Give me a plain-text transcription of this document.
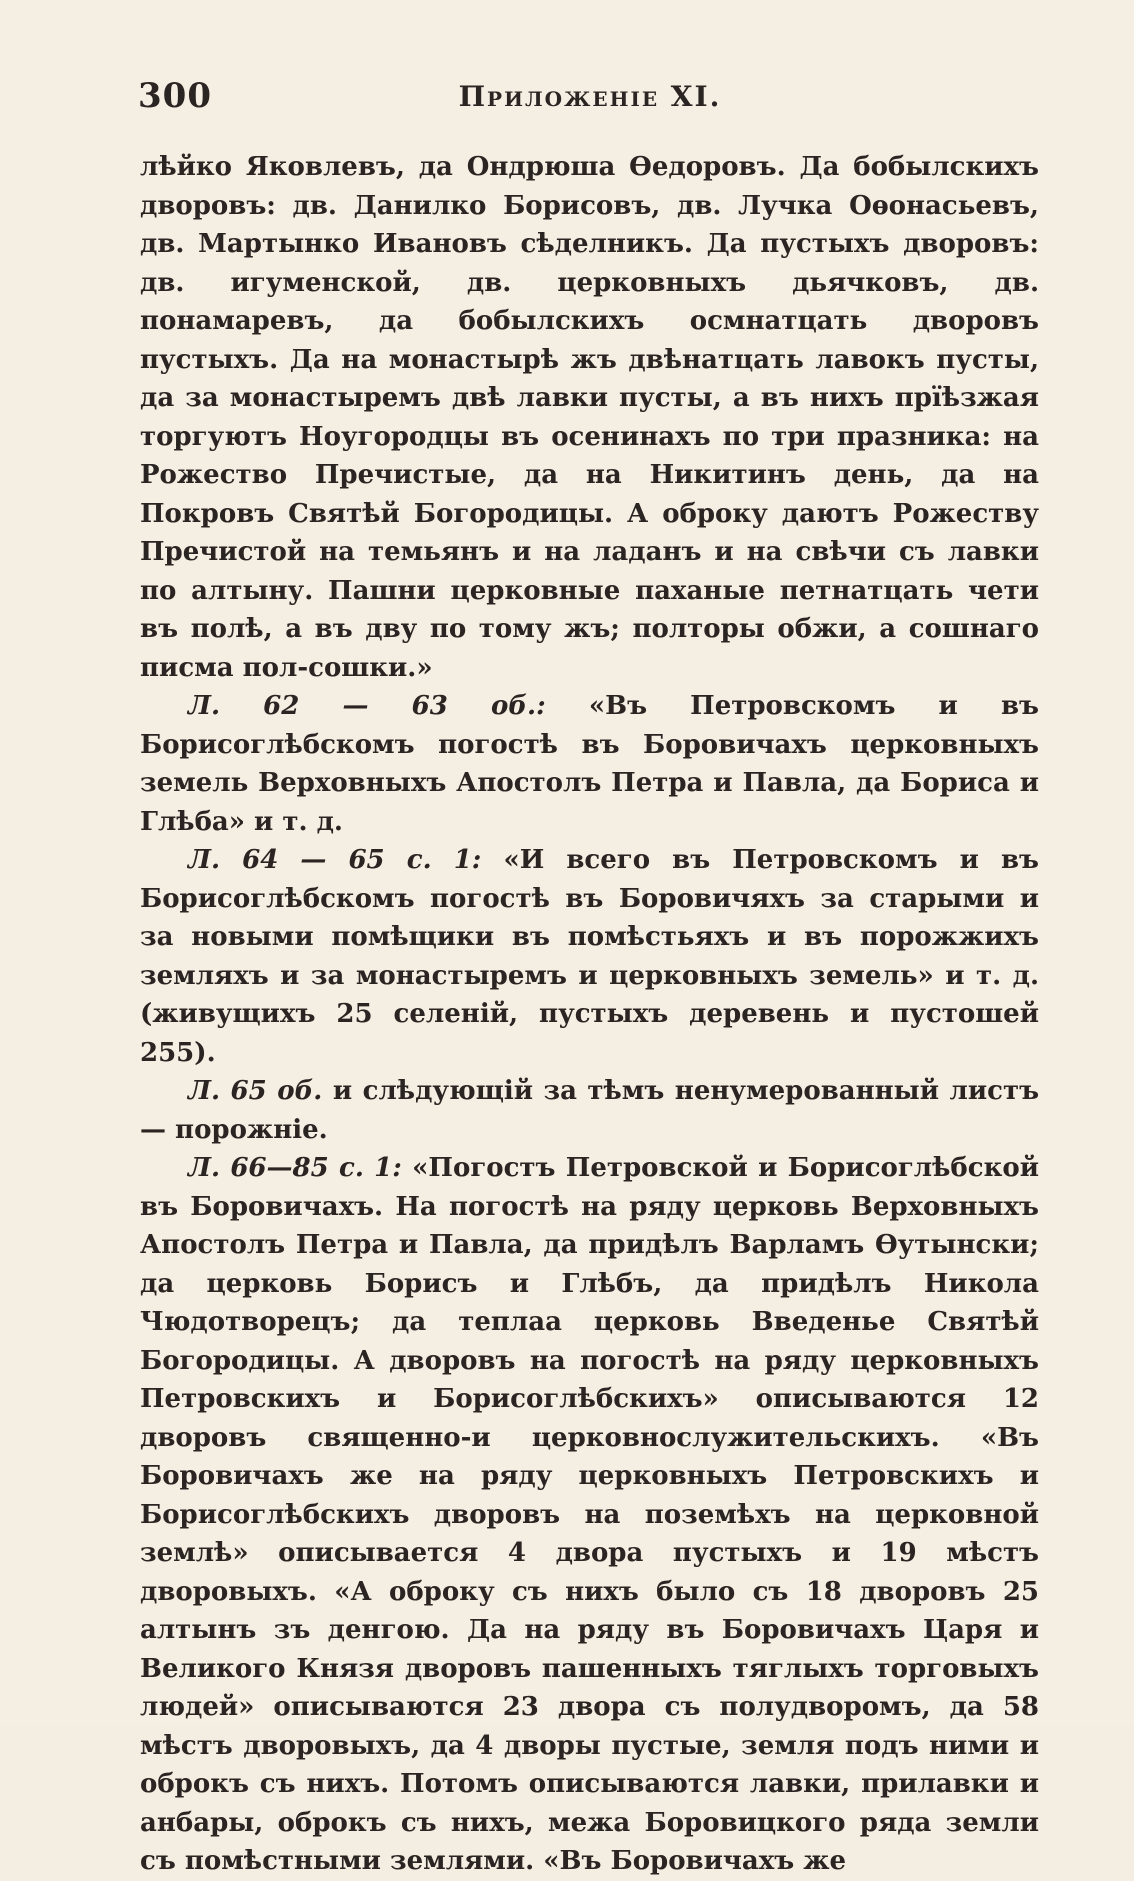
300	Приложеніе XI.

лѣйко Яковлевъ, да Ондрюша Ѳедоровъ. Да бобылскихъ дворовъ: дв. Данилко Борисовъ, дв. Лучка Оѳонасьевъ, дв. Мартынко Ивановъ сѣделникъ. Да пустыхъ дворовъ: дв. игуменской, дв. церковныхъ дьячковъ, дв. понамаревъ, да бобылскихъ осмнатцать дворовъ пустыхъ. Да на монастырѣ жъ двѣнатцать лавокъ пусты, да за монастыремъ двѣ лавки пусты, а въ нихъ прїѣзжая торгуютъ Ноугородцы въ осенинахъ по три празника: на Рожество Пречистые, да на Никитинъ день, да на Покровъ Святѣй Богородицы. А оброку даютъ Рожеству Пречистой на темьянъ и на ладанъ и на свѣчи съ лавки по алтыну. Пашни церковные паханые петнатцать чети въ полѣ, а въ дву по тому жъ; полторы обжи, а сошнаго писма пол-сошки.»

Л. 62 — 63 об.: «Въ Петровскомъ и въ Борисоглѣбскомъ погостѣ въ Боровичахъ церковныхъ земель Верховныхъ Апостолъ Петра и Павла, да Бориса и Глѣба» и т. д.

Л. 64 — 65 с. 1: «И всего въ Петровскомъ и въ Борисоглѣбскомъ погостѣ въ Боровичяхъ за старыми и за новыми помѣщики въ помѣстьяхъ и въ порожжихъ земляхъ и за монастыремъ и церковныхъ земель» и т. д. (живущихъ 25 селеній, пустыхъ деревень и пустошей 255).

Л. 65 об. и слѣдующій за тѣмъ ненумерованный листъ — порожніе.

Л. 66—85 с. 1: «Погостъ Петровской и Борисоглѣбской въ Боровичахъ. На погостѣ на ряду церковь Верховныхъ Апостолъ Петра и Павла, да придѣлъ Варламъ Ѳутынски; да церковь Борисъ и Глѣбъ, да придѣлъ Никола Чюдотворецъ; да теплаа церковь Введенье Святѣй Богородицы. А дворовъ на погостѣ на ряду церковныхъ Петровскихъ и Борисоглѣбскихъ» описываются 12 дворовъ священно-и церковнослужительскихъ. «Въ Боровичахъ же на ряду церковныхъ Петровскихъ и Борисоглѣбскихъ дворовъ на поземѣхъ на церковной землѣ» описывается 4 двора пустыхъ и 19 мѣстъ дворовыхъ. «А оброку съ нихъ было съ 18 дворовъ 25 алтынъ зъ денгою. Да на ряду въ Боровичахъ Царя и Великого Князя дворовъ пашенныхъ тяглыхъ торговыхъ людей» описываются 23 двора съ полудворомъ, да 58 мѣстъ дворовыхъ, да 4 дворы пустые, земля подъ ними и оброкъ съ нихъ. Потомъ описываются лавки, прилавки и анбары, оброкъ съ нихъ, межа Боровицкого ряда земли съ помѣстными землями. «Въ Боровичахъ же
